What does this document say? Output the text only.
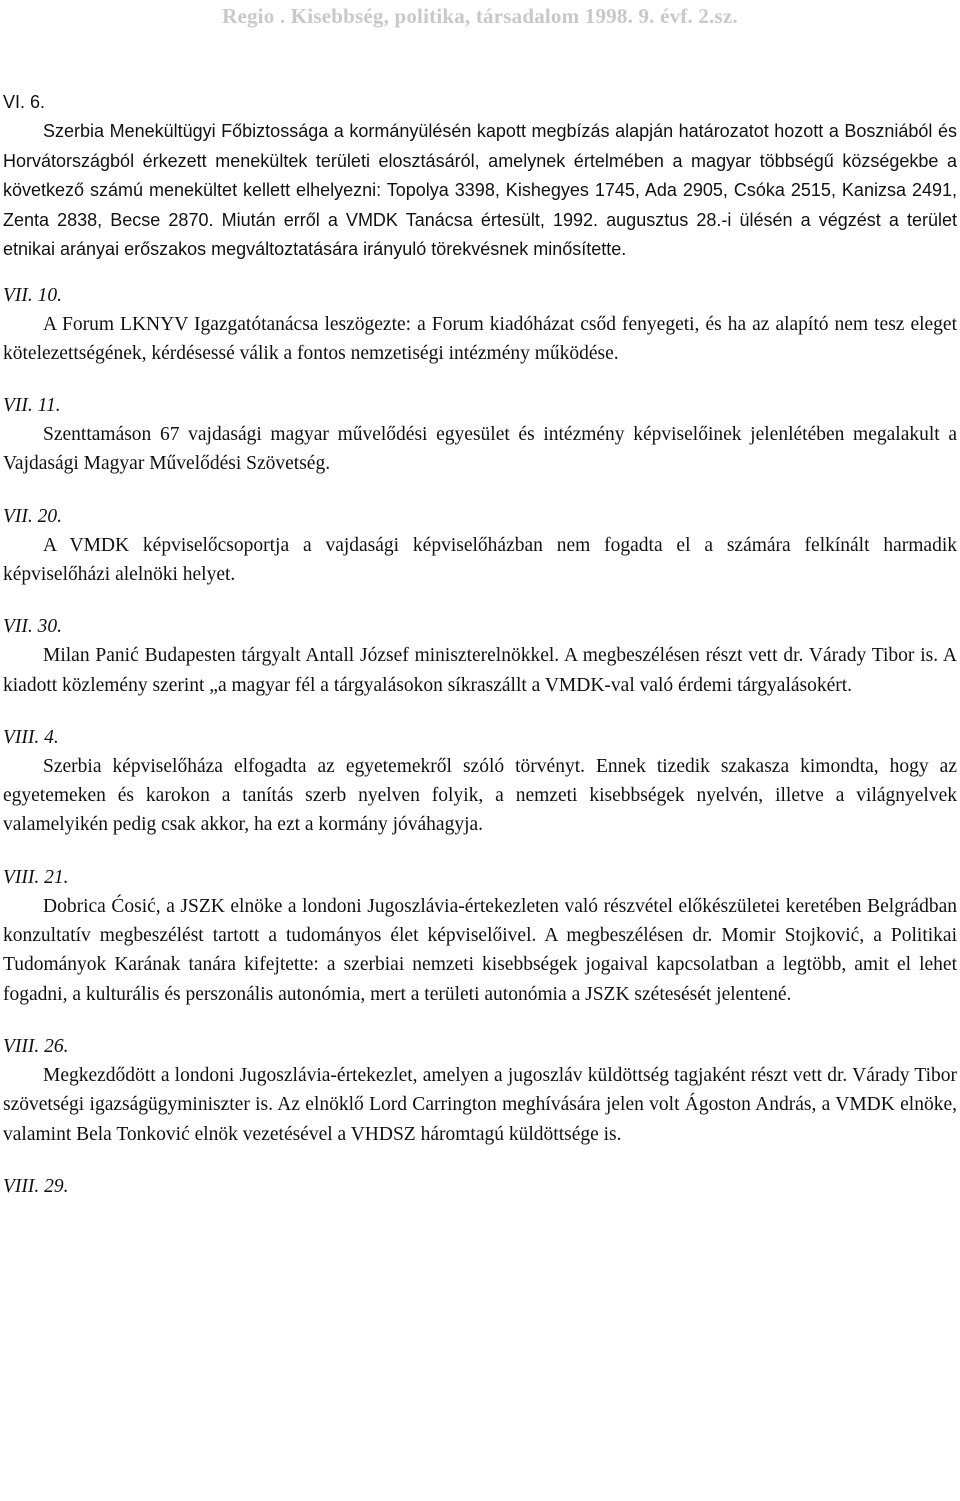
Regio . Kisebbség, politika, társadalom 1998. 9. évf. 2.sz.

VI. 6.

Szerbia Menekültügyi Főbiztossága a kormányülésén kapott megbízás alapján határozatot hozott a Boszniából és Horvátországból érkezett menekültek területi elosztásáról, amelynek értelmében a magyar többségű községekbe a következő számú menekültet kellett elhelyezni: Topolya 3398, Kishegyes 1745, Ada 2905, Csóka 2515, Kanizsa 2491, Zenta 2838, Becse 2870. Miután erről a VMDK Tanácsa értesült, 1992. augusztus 28.-i ülésén a végzést a terület etnikai arányai erőszakos megváltoztatására irányuló törekvésnek minősítette.

VII. 10.

A Forum LKNYV Igazgatótanácsa leszögezte: a Forum kiadóházat csőd fenyegeti, és ha az alapító nem tesz eleget kötelezettségének, kérdésessé válik a fontos nemzetiségi intézmény működése.

VII. 11.

Szenttamáson 67 vajdasági magyar művelődési egyesület és intézmény képviselőinek jelenlétében megalakult a Vajdasági Magyar Művelődési Szövetség.

VII. 20.

A VMDK képviselőcsoportja a vajdasági képviselőházban nem fogadta el a számára felkínált harmadik képviselőházi alelnöki helyet.

VII. 30.

Milan Panić Budapesten tárgyalt Antall József miniszterelnökkel. A megbeszélésen részt vett dr. Várady Tibor is. A kiadott közlemény szerint „a magyar fél a tárgyalásokon síkraszállt a VMDK-val való érdemi tárgyalásokért.

VIII. 4.

Szerbia képviselőháza elfogadta az egyetemekről szóló törvényt. Ennek tizedik szakasza kimondta, hogy az egyetemeken és karokon a tanítás szerb nyelven folyik, a nemzeti kisebbségek nyelvén, illetve a világnyelvek valamelyikén pedig csak akkor, ha ezt a kormány jóváhagyja.

VIII. 21.

Dobrica Ćosić, a JSZK elnöke a londoni Jugoszlávia-értekezleten való részvétel előkészületei keretében Belgrádban konzultatív megbeszélést tartott a tudományos élet képviselőivel. A megbeszélésen dr. Momir Stojković, a Politikai Tudományok Karának tanára kifejtette: a szerbiai nemzeti kisebbségek jogaival kapcsolatban a legtöbb, amit el lehet fogadni, a kulturális és perszonális autonómia, mert a területi autonómia a JSZK szétesését jelentené.

VIII. 26.

Megkezdődött a londoni Jugoszlávia-értekezlet, amelyen a jugoszláv küldöttség tagjaként részt vett dr. Várady Tibor szövetségi igazságügyminiszter is. Az elnöklő Lord Carrington meghívására jelen volt Ágoston András, a VMDK elnöke, valamint Bela Tonković elnök vezetésével a VHDSZ háromtagú küldöttsége is.

VIII. 29.
